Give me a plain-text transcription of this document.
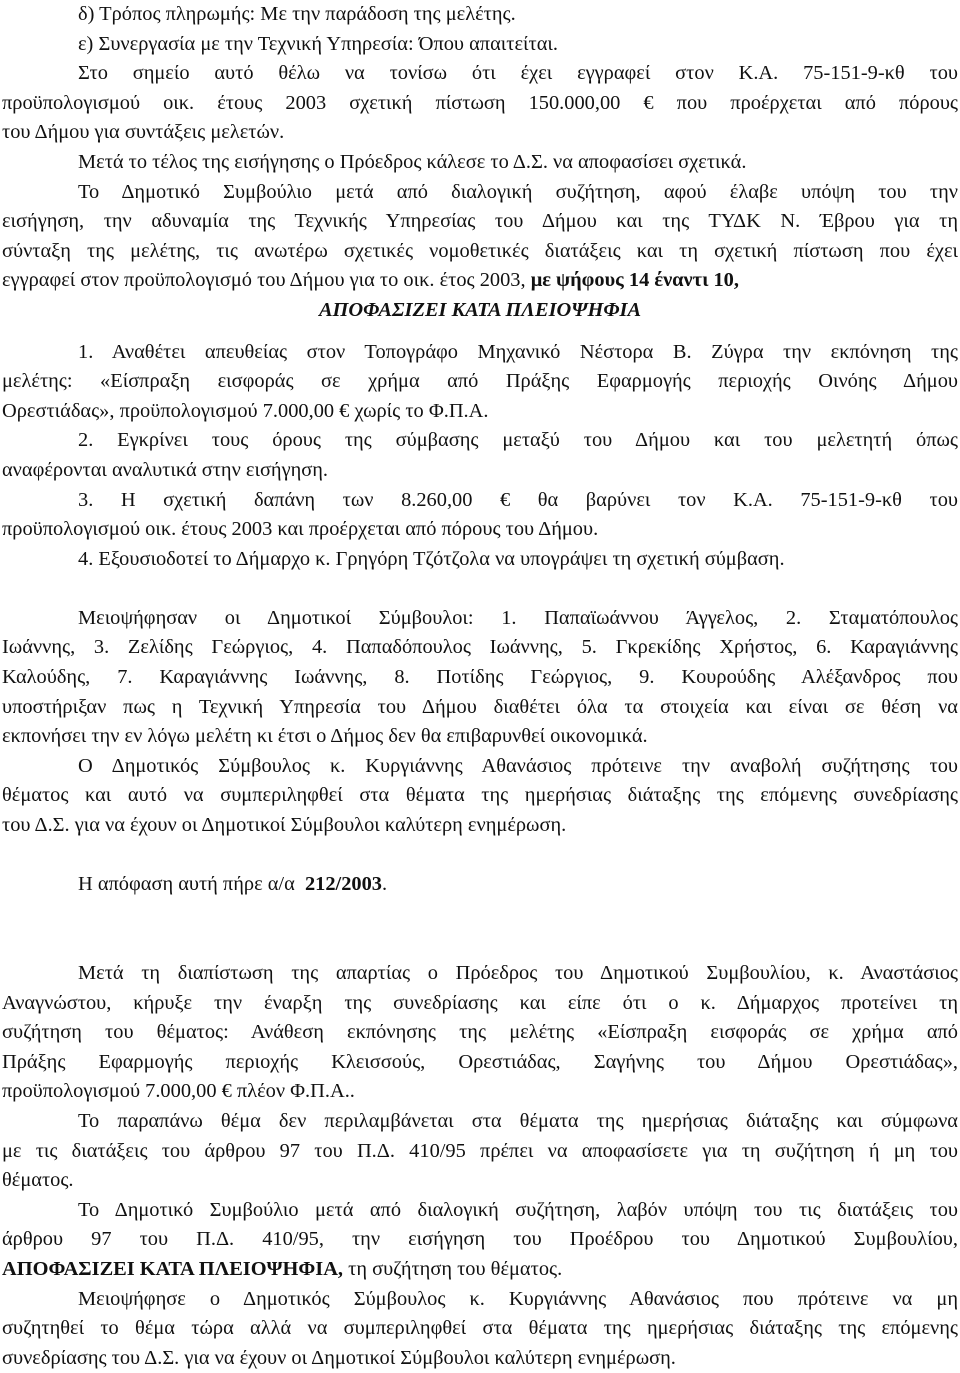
δ) Τρόπος πληρωμής: Με την παράδοση της μελέτης.
ε) Συνεργασία με την Τεχνική Υπηρεσία: Όπου απαιτείται.
Στο σημείο αυτό θέλω να τονίσω ότι έχει εγγραφεί στον Κ.Α. 75-151-9-κθ του
προϋπολογισμού οικ. έτους 2003 σχετική πίστωση 150.000,00 € που προέρχεται από πόρους
του Δήμου για συντάξεις μελετών.
Μετά το τέλος της εισήγησης ο Πρόεδρος κάλεσε το Δ.Σ. να αποφασίσει σχετικά.
Το Δημοτικό Συμβούλιο μετά από διαλογική συζήτηση, αφού έλαβε υπόψη του την
εισήγηση, την αδυναμία της Τεχνικής Υπηρεσίας του Δήμου και της ΤΥΔΚ Ν. Έβρου για τη
σύνταξη της μελέτης, τις ανωτέρω σχετικές νομοθετικές διατάξεις και τη σχετική πίστωση που έχει
εγγραφεί στον προϋπολογισμό του Δήμου για το οικ. έτος 2003, με ψήφους 14 έναντι 10,
ΑΠΟΦΑΣΙΖΕΙ ΚΑΤΑ ΠΛΕΙΟΨΗΦΙΑ
1. Αναθέτει απευθείας στον Τοπογράφο Μηχανικό Νέστορα Β. Ζύγρα την εκπόνηση της
μελέτης: «Είσπραξη εισφοράς σε χρήμα από Πράξης Εφαρμογής περιοχής Οινόης Δήμου
Ορεστιάδας», προϋπολογισμού 7.000,00 € χωρίς το Φ.Π.Α.
2. Εγκρίνει τους όρους της σύμβασης μεταξύ του Δήμου και του μελετητή όπως
αναφέρονται αναλυτικά στην εισήγηση.
3. Η σχετική δαπάνη των 8.260,00 € θα βαρύνει τον Κ.Α. 75-151-9-κθ του
προϋπολογισμού οικ. έτους 2003 και προέρχεται από πόρους του Δήμου.
4. Εξουσιοδοτεί το Δήμαρχο κ. Γρηγόρη Τζότζολα να υπογράψει τη σχετική σύμβαση.
Μειοψήφησαν οι Δημοτικοί Σύμβουλοι: 1. Παπαϊωάννου Άγγελος, 2. Σταματόπουλος
Ιωάννης, 3. Ζελίδης Γεώργιος, 4. Παπαδόπουλος Ιωάννης, 5. Γκρεκίδης Χρήστος, 6. Καραγιάννης
Καλούδης, 7. Καραγιάννης Ιωάννης, 8. Ποτίδης Γεώργιος, 9. Κουρούδης Αλέξανδρος που
υποστήριξαν πως η Τεχνική Υπηρεσία του Δήμου διαθέτει όλα τα στοιχεία και είναι σε θέση να
εκπονήσει την εν λόγω μελέτη κι έτσι ο Δήμος δεν θα επιβαρυνθεί οικονομικά.
Ο Δημοτικός Σύμβουλος κ. Κυργιάννης Αθανάσιος πρότεινε την αναβολή συζήτησης του
θέματος και αυτό να συμπεριληφθεί στα θέματα της ημερήσιας διάταξης της επόμενης συνεδρίασης
του Δ.Σ. για να έχουν οι Δημοτικοί Σύμβουλοι καλύτερη ενημέρωση.
Η απόφαση αυτή πήρε α/α 212/2003.
Μετά τη διαπίστωση της απαρτίας ο Πρόεδρος του Δημοτικού Συμβουλίου, κ. Αναστάσιος
Αναγνώστου, κήρυξε την έναρξη της συνεδρίασης και είπε ότι ο κ. Δήμαρχος προτείνει τη
συζήτηση του θέματος: Ανάθεση εκπόνησης της μελέτης «Είσπραξη εισφοράς σε χρήμα από
Πράξης Εφαρμογής περιοχής Κλεισσούς, Ορεστιάδας, Σαγήνης του Δήμου Ορεστιάδας»,
προϋπολογισμού 7.000,00 € πλέον Φ.Π.Α..
Το παραπάνω θέμα δεν περιλαμβάνεται στα θέματα της ημερήσιας διάταξης και σύμφωνα
με τις διατάξεις του άρθρου 97 του Π.Δ. 410/95 πρέπει να αποφασίσετε για τη συζήτηση ή μη του
θέματος.
Το Δημοτικό Συμβούλιο μετά από διαλογική συζήτηση, λαβόν υπόψη του τις διατάξεις του
άρθρου 97 του Π.Δ. 410/95, την εισήγηση του Προέδρου του Δημοτικού Συμβουλίου,
ΑΠΟΦΑΣΙΖΕΙ ΚΑΤΑ ΠΛΕΙΟΨΗΦΙΑ, τη συζήτηση του θέματος.
Μειοψήφησε ο Δημοτικός Σύμβουλος κ. Κυργιάννης Αθανάσιος που πρότεινε να μη
συζητηθεί το θέμα τώρα αλλά να συμπεριληφθεί στα θέματα της ημερήσιας διάταξης της επόμενης
συνεδρίασης του Δ.Σ. για να έχουν οι Δημοτικοί Σύμβουλοι καλύτερη ενημέρωση.
